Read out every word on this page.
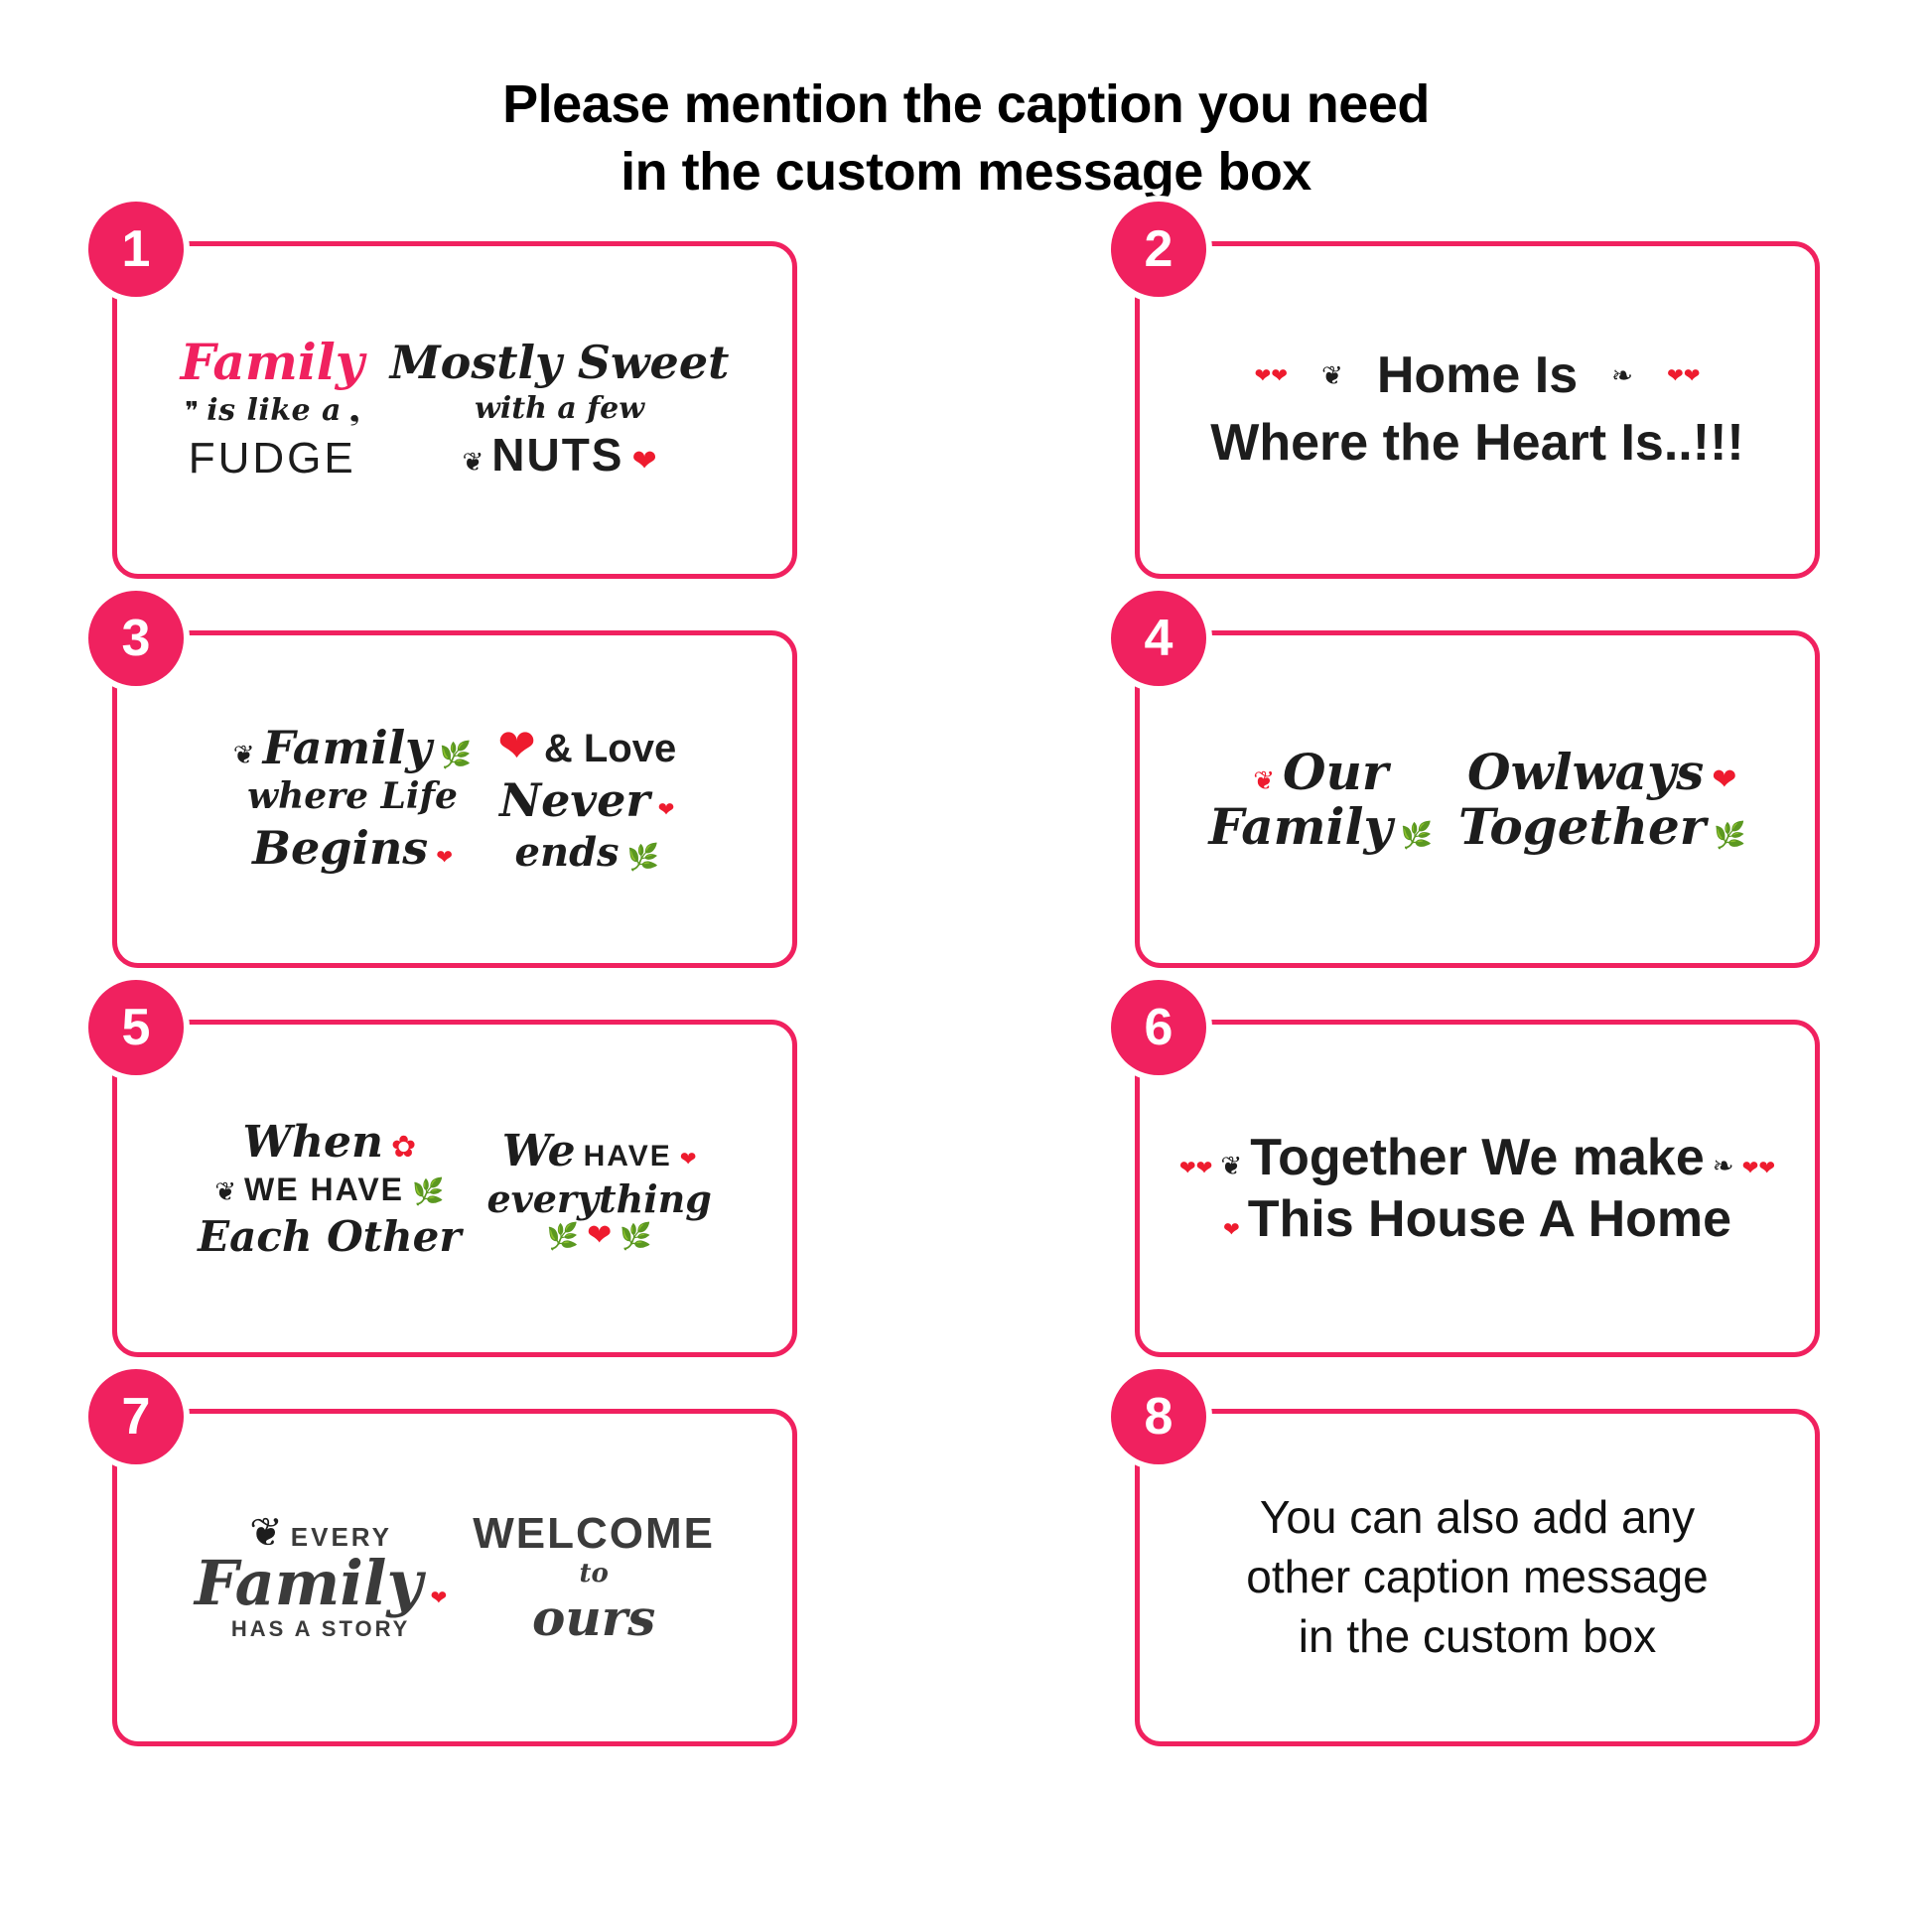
Please mention the caption you need
in the custom message box
1
Family
❞ is like a ❟
FUDGE
Mostly Sweet
with a few
❦ NUTS ❤
2
❤❤ ❦ Home Is ❧ ❤❤
Where the Heart Is..!!!
3
❦ Family 🌿
where Life
Begins ❤
❤ & Love
Never ❤
ends 🌿
4
❦ Our
Family 🌿
Owlways ❤
Together 🌿
5
When ✿
❦ WE HAVE 🌿
Each Other
We HAVE ❤
everything
🌿 ❤ 🌿
6
❤❤ ❦ Together We make ❧ ❤❤
❤ This House A Home
7
❦ EVERY
Family ❤
HAS A STORY
WELCOME
to
ours
8
You can also add any
other caption message
in the custom box
